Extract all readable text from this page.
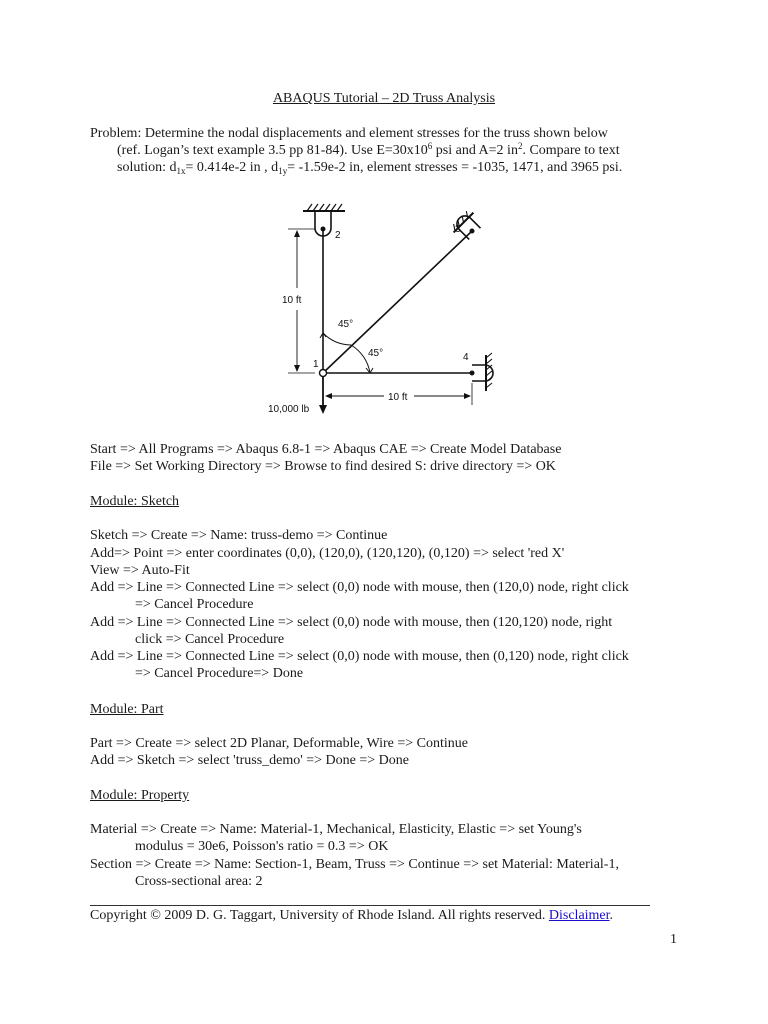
ABAQUS Tutorial – 2D Truss Analysis
Problem: Determine the nodal displacements and element stresses for the truss shown below
(ref. Logan’s text example 3.5 pp 81-84). Use $E=30x10^6$ psi and A=2 $in^2$. Compare to text
solution: $d_{1x}= 0.414e-2$ in , $d_{1y}= -1.59e-2$ in, element stresses = -1035, 1471, and 3965 psi.
2
3
4
1
45°
45°
10 ft
10 ft
10,000 lb
Start => All Programs => Abaqus 6.8-1 => Abaqus CAE => Create Model Database
File => Set Working Directory => Browse to find desired S: drive directory => OK
Module: Sketch
Sketch => Create => Name: truss-demo => Continue
Add=> Point => enter coordinates (0,0), (120,0), (120,120), (0,120) => select 'red X'
View => Auto-Fit
Add => Line => Connected Line => select (0,0) node with mouse, then (120,0) node, right click
=> Cancel Procedure
Add => Line => Connected Line => select (0,0) node with mouse, then (120,120) node, right
click => Cancel Procedure
Add => Line => Connected Line => select (0,0) node with mouse, then (0,120) node, right click
=> Cancel Procedure=> Done
Module: Part
Part => Create => select 2D Planar, Deformable, Wire => Continue
Add => Sketch => select 'truss_demo' => Done => Done
Module: Property
Material => Create => Name: Material-1, Mechanical, Elasticity, Elastic => set Young's
modulus = 30e6, Poisson's ratio = 0.3 => OK
Section => Create => Name: Section-1, Beam, Truss => Continue => set Material: Material-1,
Cross-sectional area: 2
Copyright © 2009 D. G. Taggart, University of Rhode Island. All rights reserved. Disclaimer.
1
